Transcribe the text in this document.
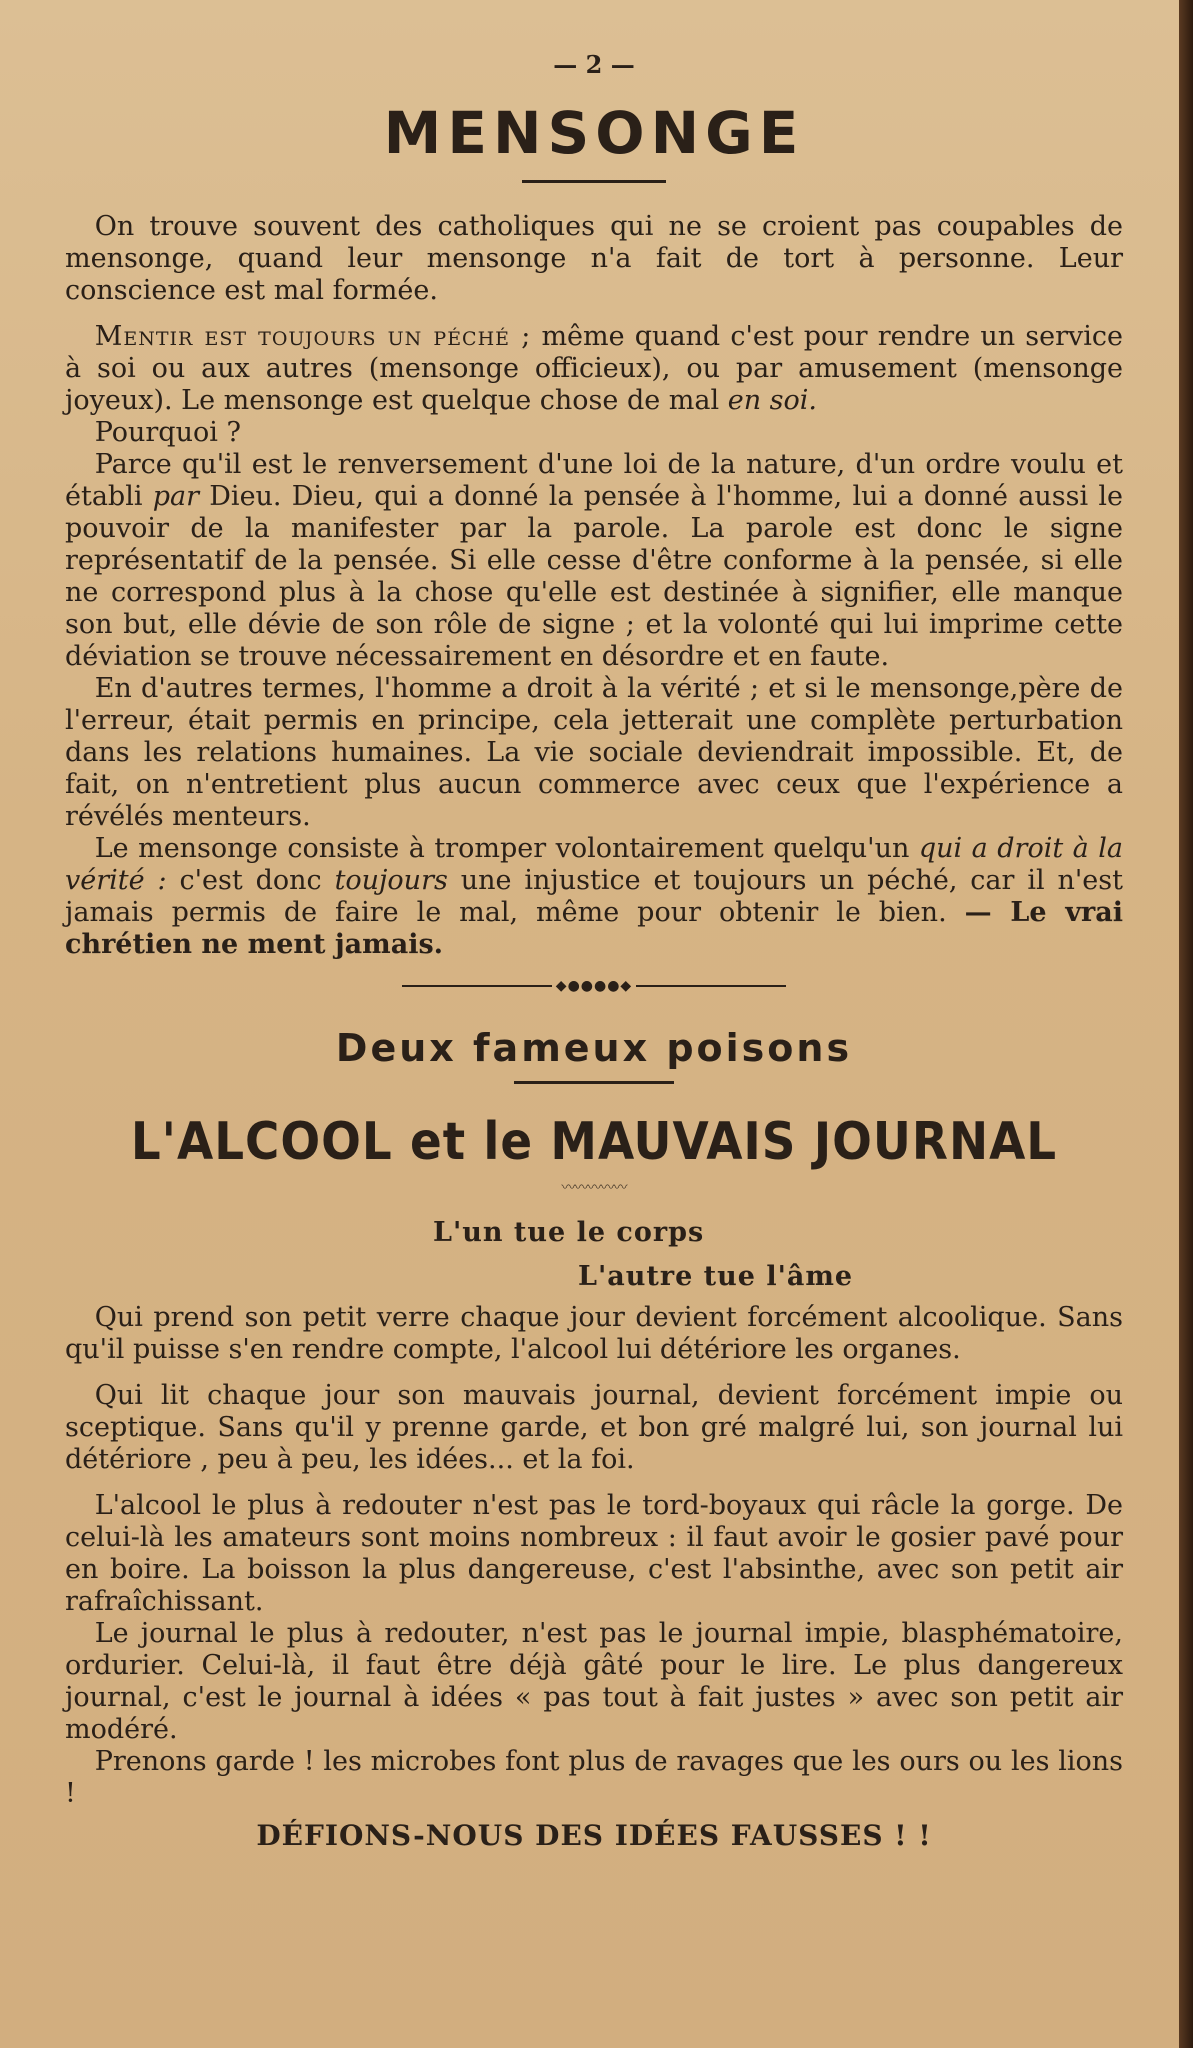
— 2 —
MENSONGE

On trouve souvent des catholiques qui ne se croient pas coupables de mensonge, quand leur mensonge n'a fait de tort à personne. Leur conscience est mal formée.

Mentir est toujours un péché ; même quand c'est pour rendre un service à soi ou aux autres (mensonge officieux), ou par amusement (mensonge joyeux). Le mensonge est quelque chose de mal en soi.

Pourquoi ?

Parce qu'il est le renversement d'une loi de la nature, d'un ordre voulu et établi par Dieu. Dieu, qui a donné la pensée à l'homme, lui a donné aussi le pouvoir de la manifester par la parole. La parole est donc le signe représentatif de la pensée. Si elle cesse d'être conforme à la pensée, si elle ne correspond plus à la chose qu'elle est destinée à signifier, elle manque son but, elle dévie de son rôle de signe ; et la volonté qui lui imprime cette déviation se trouve nécessairement en désordre et en faute.

En d'autres termes, l'homme a droit à la vérité ; et si le mensonge,père de l'erreur, était permis en principe, cela jetterait une complète perturbation dans les relations humaines. La vie sociale deviendrait impossible. Et, de fait, on n'entretient plus aucun commerce avec ceux que l'expérience a révélés menteurs.

Le mensonge consiste à tromper volontairement quelqu'un qui a droit à la vérité : c'est donc toujours une injustice et toujours un péché, car il n'est jamais permis de faire le mal, même pour obtenir le bien. — Le vrai chrétien ne ment jamais.

◆●●●●◆
Deux fameux poisons
L'ALCOOL et le MAUVAIS JOURNAL
〰〰〰〰〰
L'un tue le corps
L'autre tue l'âme

Qui prend son petit verre chaque jour devient forcément alcoolique. Sans qu'il puisse s'en rendre compte, l'alcool lui détériore les organes.

Qui lit chaque jour son mauvais journal, devient forcément impie ou sceptique. Sans qu'il y prenne garde, et bon gré malgré lui, son journal lui détériore , peu à peu, les idées... et la foi.

L'alcool le plus à redouter n'est pas le tord-boyaux qui râcle la gorge. De celui-là les amateurs sont moins nombreux : il faut avoir le gosier pavé pour en boire. La boisson la plus dangereuse, c'est l'absinthe, avec son petit air rafraîchissant.

Le journal le plus à redouter, n'est pas le journal impie, blasphématoire, ordurier. Celui-là, il faut être déjà gâté pour le lire. Le plus dangereux journal, c'est le journal à idées « pas tout à fait justes » avec son petit air modéré.

Prenons garde ! les microbes font plus de ravages que les ours ou les lions !

DÉFIONS-NOUS DES IDÉES FAUSSES ! !
